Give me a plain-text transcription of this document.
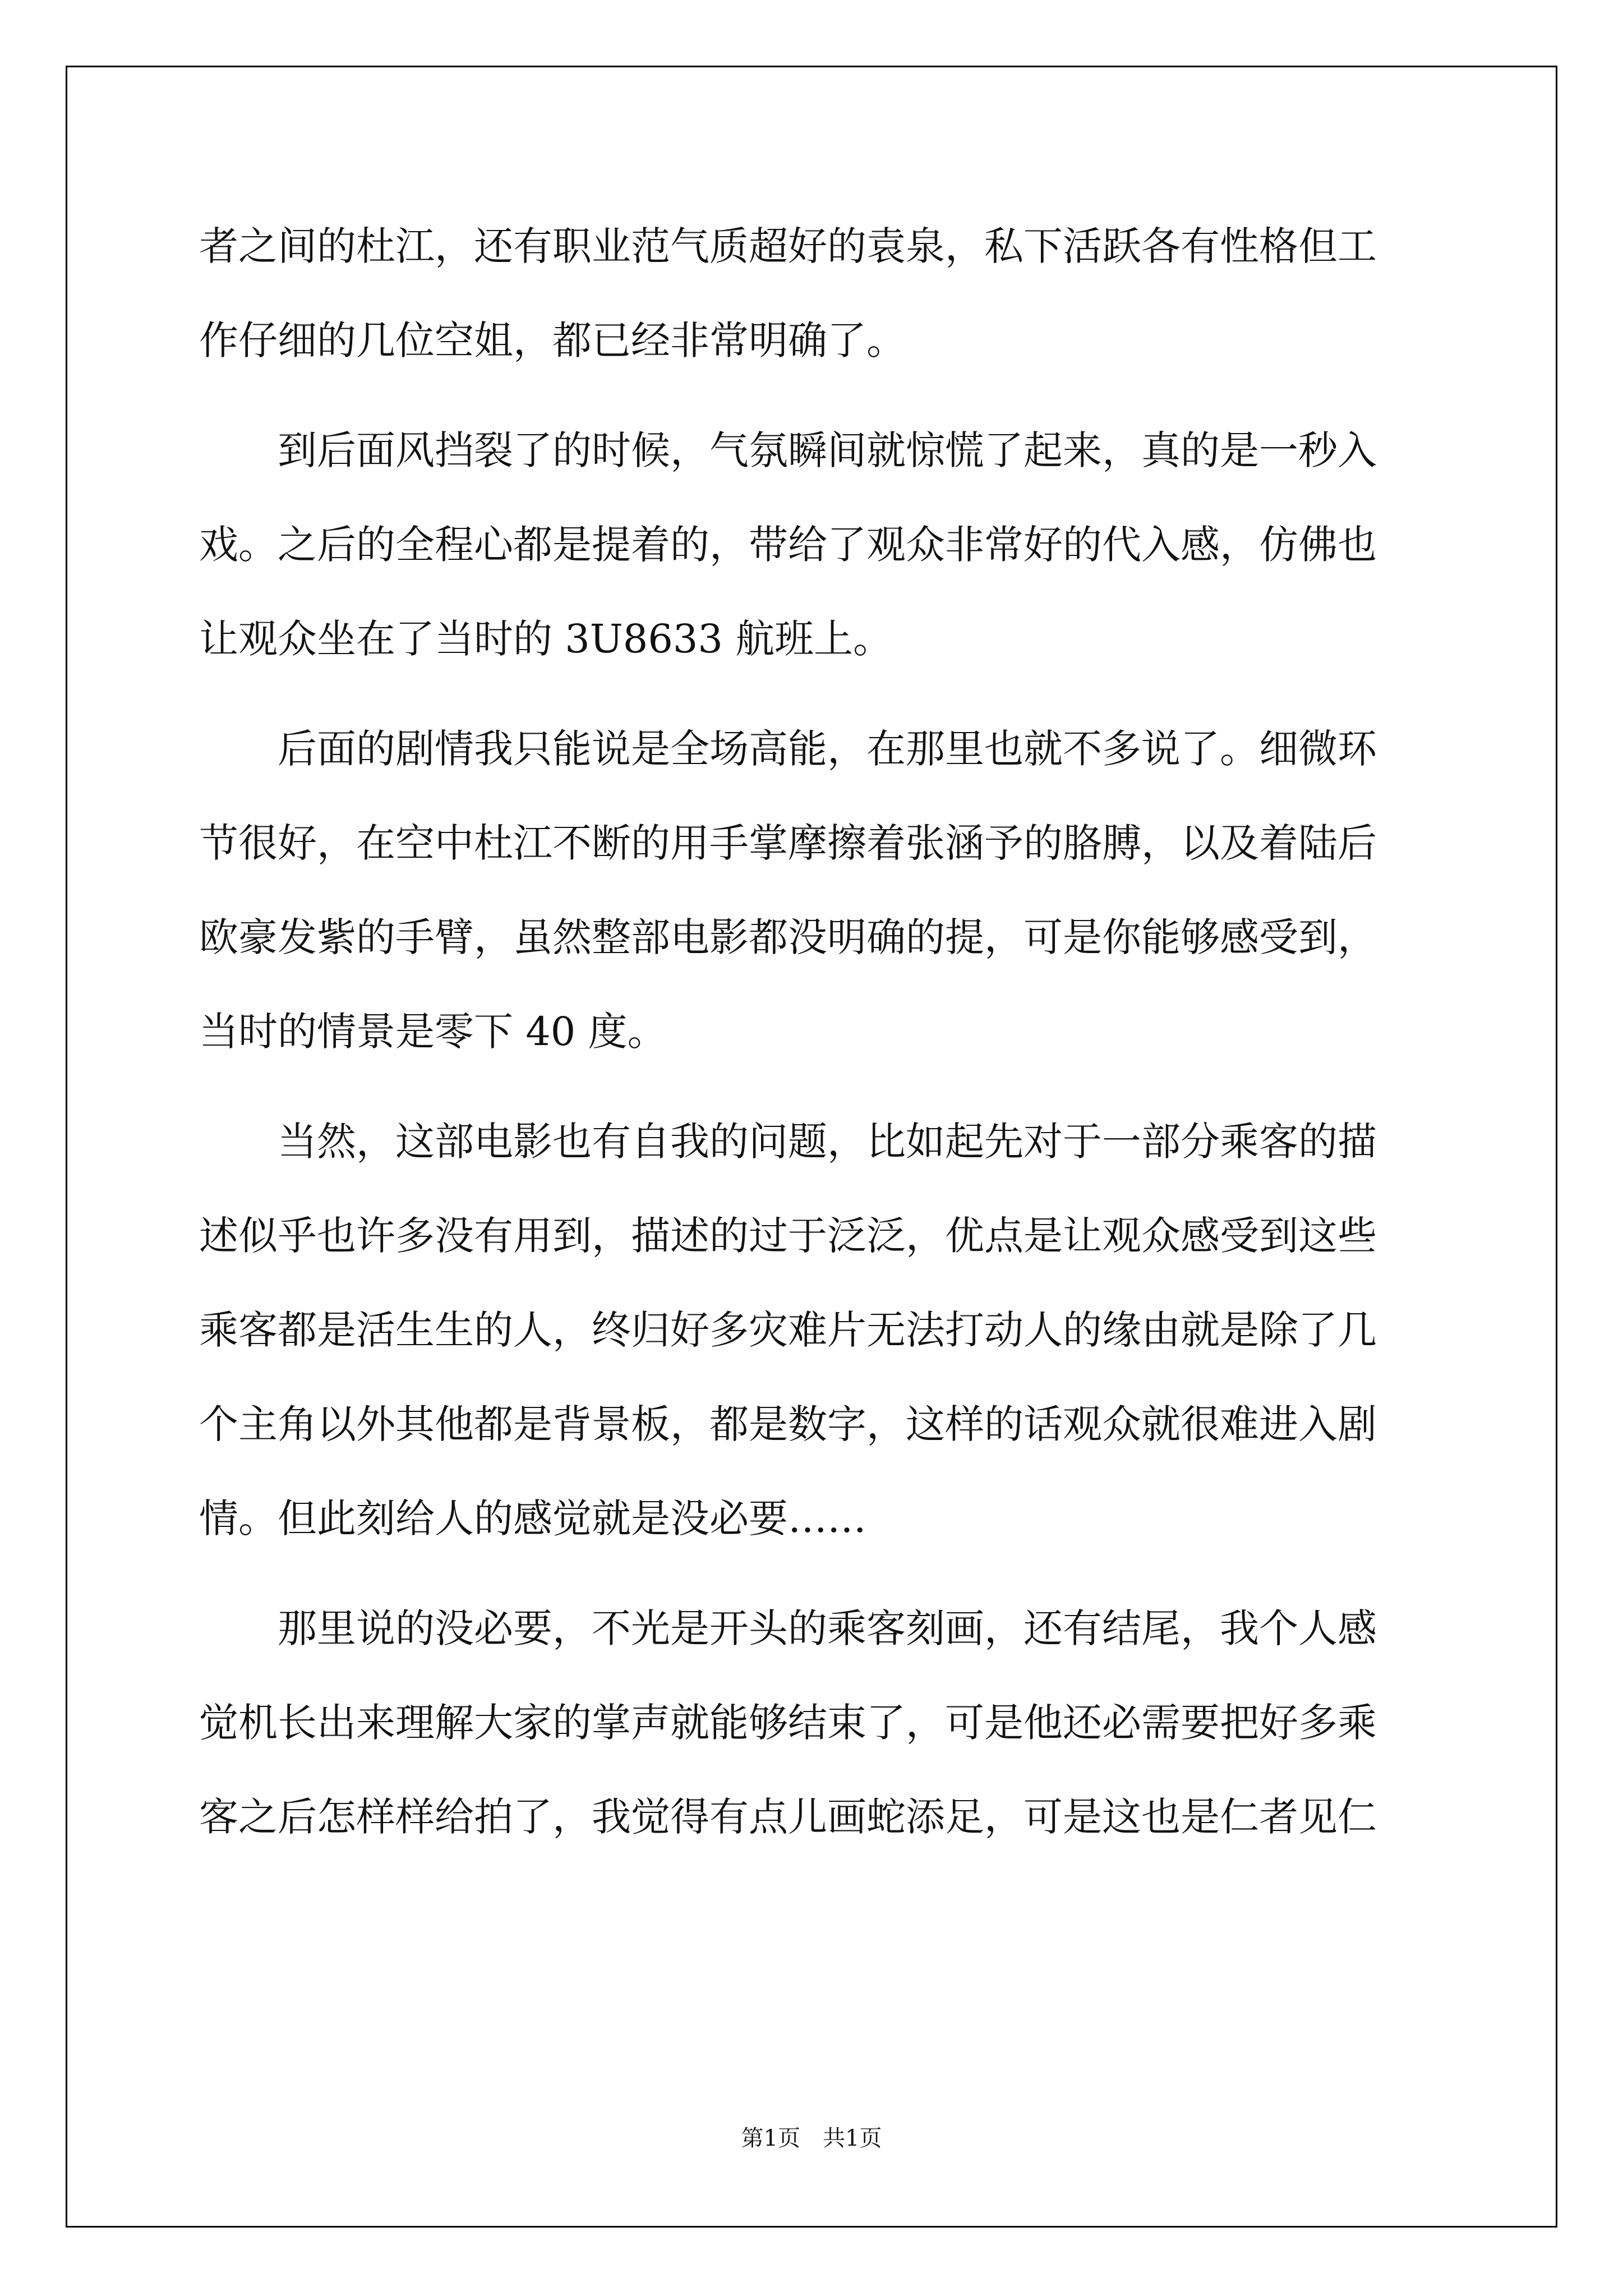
者之间的杜江，还有职业范气质超好的袁泉，私下活跃各有性格但工
作仔细的几位空姐，都已经非常明确了。
　　到后面风挡裂了的时候，气氛瞬间就惊慌了起来，真的是一秒入
戏。之后的全程心都是提着的，带给了观众非常好的代入感，仿佛也
让观众坐在了当时的 3U8633 航班上。
　　后面的剧情我只能说是全场高能，在那里也就不多说了。细微环
节很好，在空中杜江不断的用手掌摩擦着张涵予的胳膊，以及着陆后
欧豪发紫的手臂，虽然整部电影都没明确的提，可是你能够感受到，
当时的情景是零下 40 度。
　　当然，这部电影也有自我的问题，比如起先对于一部分乘客的描
述似乎也许多没有用到，描述的过于泛泛，优点是让观众感受到这些
乘客都是活生生的人，终归好多灾难片无法打动人的缘由就是除了几
个主角以外其他都是背景板，都是数字，这样的话观众就很难进入剧
情。但此刻给人的感觉就是没必要……
　　那里说的没必要，不光是开头的乘客刻画，还有结尾，我个人感
觉机长出来理解大家的掌声就能够结束了，可是他还必需要把好多乘
客之后怎样样给拍了，我觉得有点儿画蛇添足，可是这也是仁者见仁
第1页　共1页
